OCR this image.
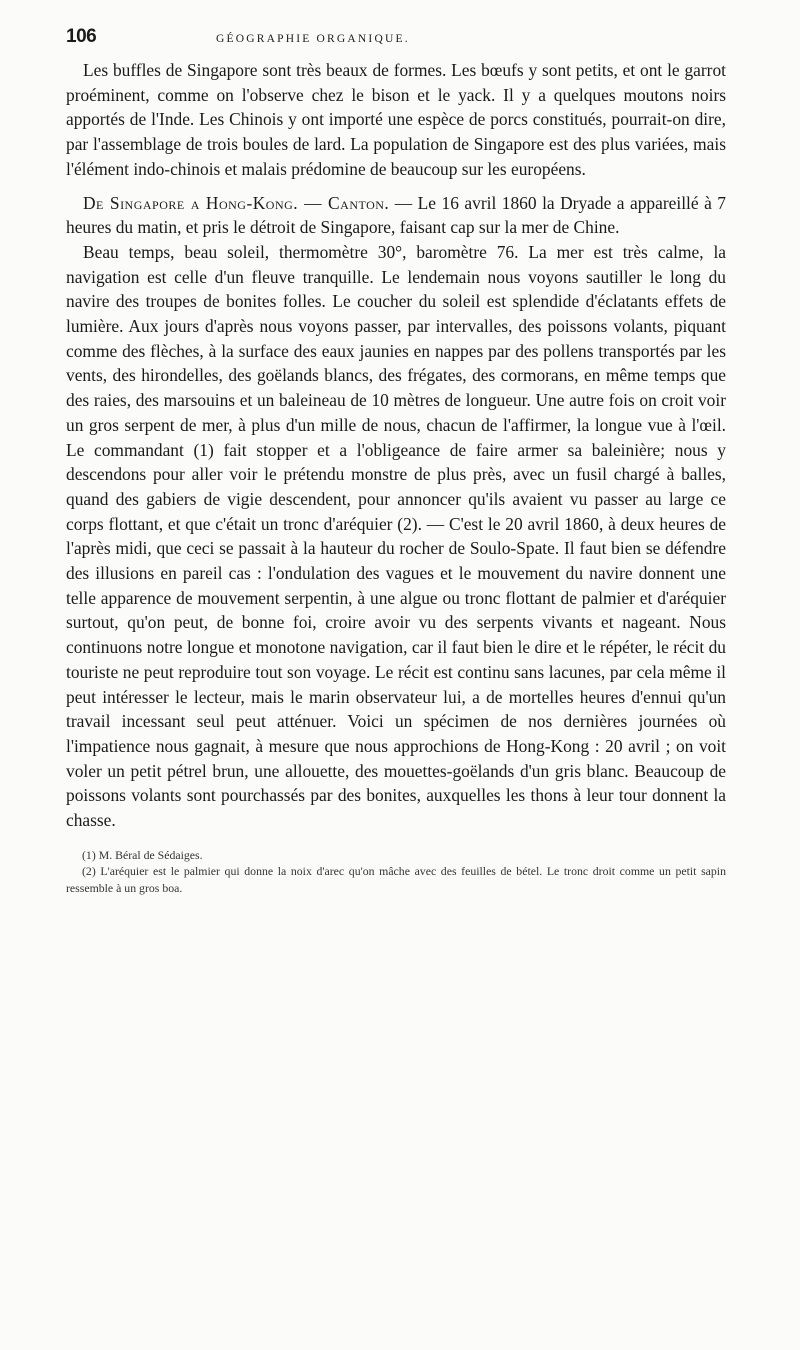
106	GÉOGRAPHIE ORGANIQUE.

Les buffles de Singapore sont très beaux de formes. Les bœufs y sont petits, et ont le garrot proéminent, comme on l'observe chez le bison et le yack. Il y a quelques moutons noirs apportés de l'Inde. Les Chinois y ont importé une espèce de porcs constitués, pourrait-on dire, par l'assemblage de trois boules de lard. La population de Singapore est des plus variées, mais l'élément indo-chinois et malais prédomine de beaucoup sur les européens.

De Singapore a Hong-Kong. — Canton. — Le 16 avril 1860 la Dryade a appareillé à 7 heures du matin, et pris le détroit de Singapore, faisant cap sur la mer de Chine.

Beau temps, beau soleil, thermomètre 30°, baromètre 76. La mer est très calme, la navigation est celle d'un fleuve tranquille. Le lendemain nous voyons sautiller le long du navire des troupes de bonites folles. Le coucher du soleil est splendide d'éclatants effets de lumière. Aux jours d'après nous voyons passer, par intervalles, des poissons volants, piquant comme des flèches, à la surface des eaux jaunies en nappes par des pollens transportés par les vents, des hirondelles, des goëlands blancs, des frégates, des cormorans, en même temps que des raies, des marsouins et un baleineau de 10 mètres de longueur. Une autre fois on croit voir un gros serpent de mer, à plus d'un mille de nous, chacun de l'affirmer, la longue vue à l'œil. Le commandant (1) fait stopper et a l'obligeance de faire armer sa baleinière; nous y descendons pour aller voir le prétendu monstre de plus près, avec un fusil chargé à balles, quand des gabiers de vigie descendent, pour annoncer qu'ils avaient vu passer au large ce corps flottant, et que c'était un tronc d'aréquier (2). — C'est le 20 avril 1860, à deux heures de l'après midi, que ceci se passait à la hauteur du rocher de Soulo-Spate. Il faut bien se défendre des illusions en pareil cas : l'ondulation des vagues et le mouvement du navire donnent une telle apparence de mouvement serpentin, à une algue ou tronc flottant de palmier et d'aréquier surtout, qu'on peut, de bonne foi, croire avoir vu des serpents vivants et nageant. Nous continuons notre longue et monotone navigation, car il faut bien le dire et le répéter, le récit du touriste ne peut reproduire tout son voyage. Le récit est continu sans lacunes, par cela même il peut intéresser le lecteur, mais le marin observateur lui, a de mortelles heures d'ennui qu'un travail incessant seul peut atténuer. Voici un spécimen de nos dernières journées où l'impatience nous gagnait, à mesure que nous approchions de Hong-Kong : 20 avril ; on voit voler un petit pétrel brun, une allouette, des mouettes-goëlands d'un gris blanc. Beaucoup de poissons volants sont pourchassés par des bonites, auxquelles les thons à leur tour donnent la chasse.

(1) M. Béral de Sédaiges.

(2) L'aréquier est le palmier qui donne la noix d'arec qu'on mâche avec des feuilles de bétel. Le tronc droit comme un petit sapin ressemble à un gros boa.
